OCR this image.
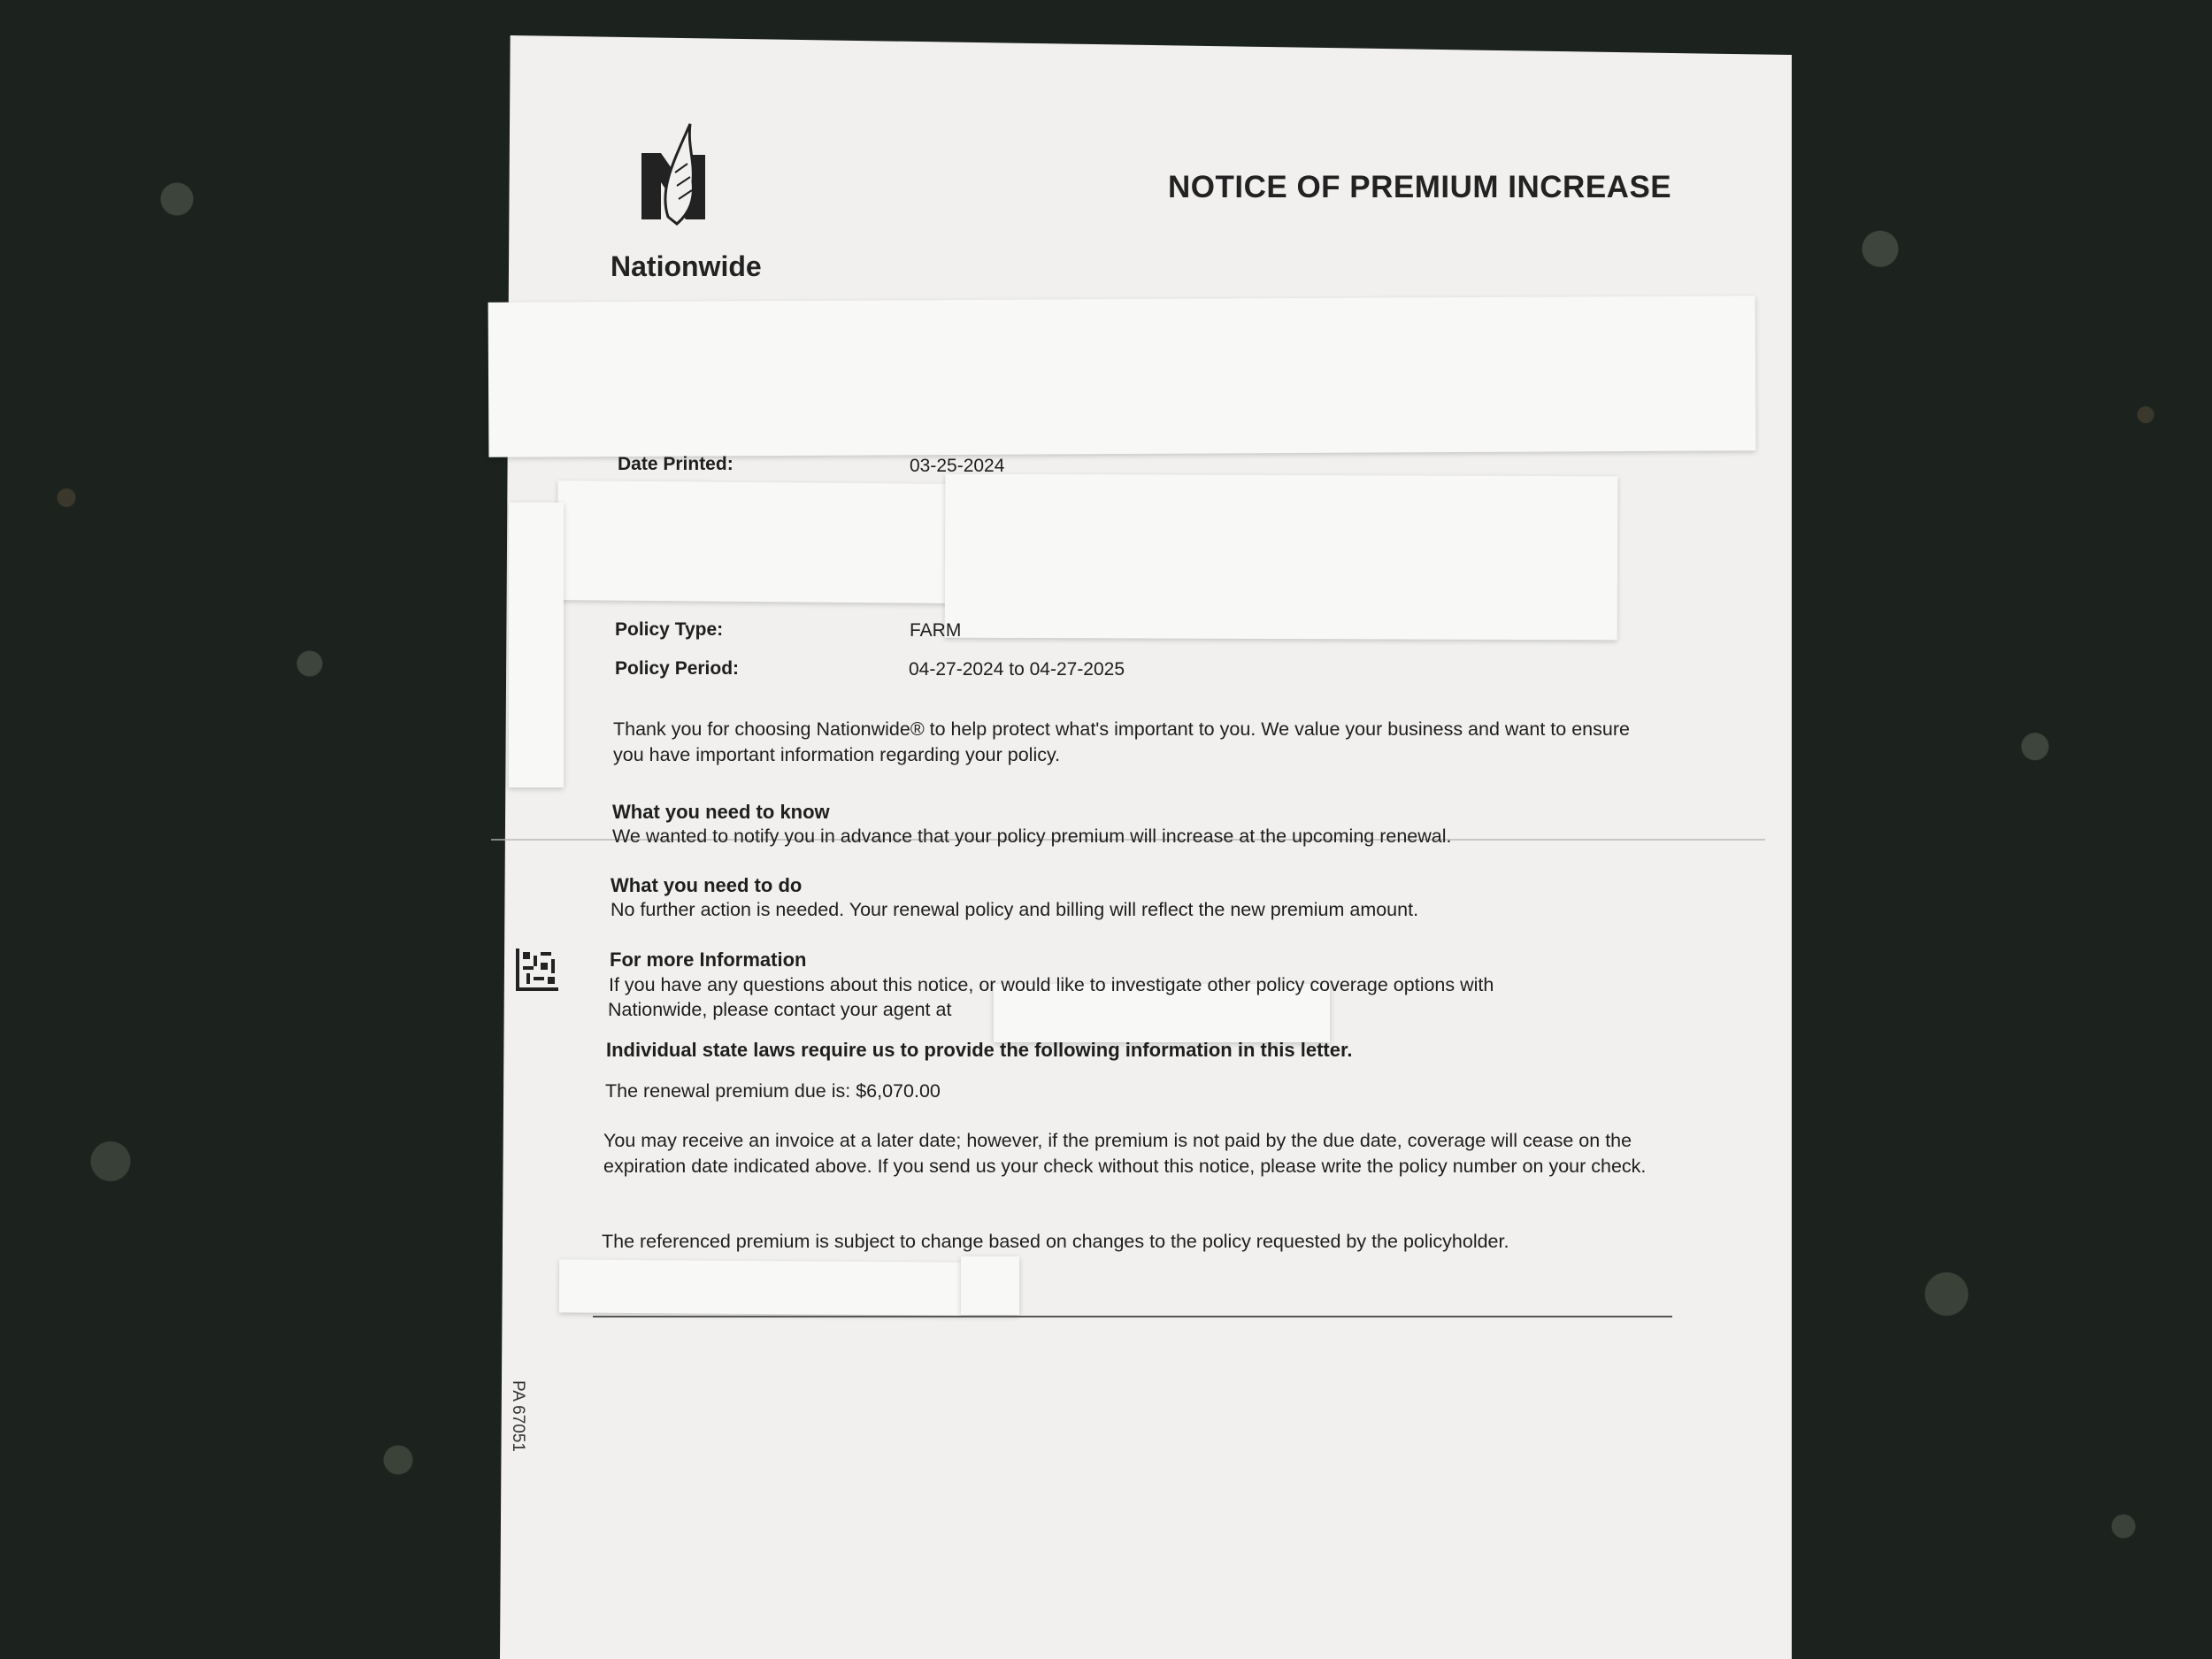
Nationwide
NOTICE OF PREMIUM INCREASE
Date Printed:	03-25-2024
Policy Type:	FARM
Policy Period:	04-27-2024 to 04-27-2025
Thank you for choosing Nationwide® to help protect what's important to you. We value your business and want to ensure you have important information regarding your policy.
What you need to know
We wanted to notify you in advance that your policy premium will increase at the upcoming renewal.
What you need to do
No further action is needed. Your renewal policy and billing will reflect the new premium amount.
For more Information
If you have any questions about this notice, or would like to investigate other policy coverage options with
Nationwide, please contact your agent at
Individual state laws require us to provide the following information in this letter.
The renewal premium due is: $6,070.00
You may receive an invoice at a later date; however, if the premium is not paid by the due date, coverage will cease on the expiration date indicated above. If you send us your check without this notice, please write the policy number on your check.
The referenced premium is subject to change based on changes to the policy requested by the policyholder.
PA 67051
